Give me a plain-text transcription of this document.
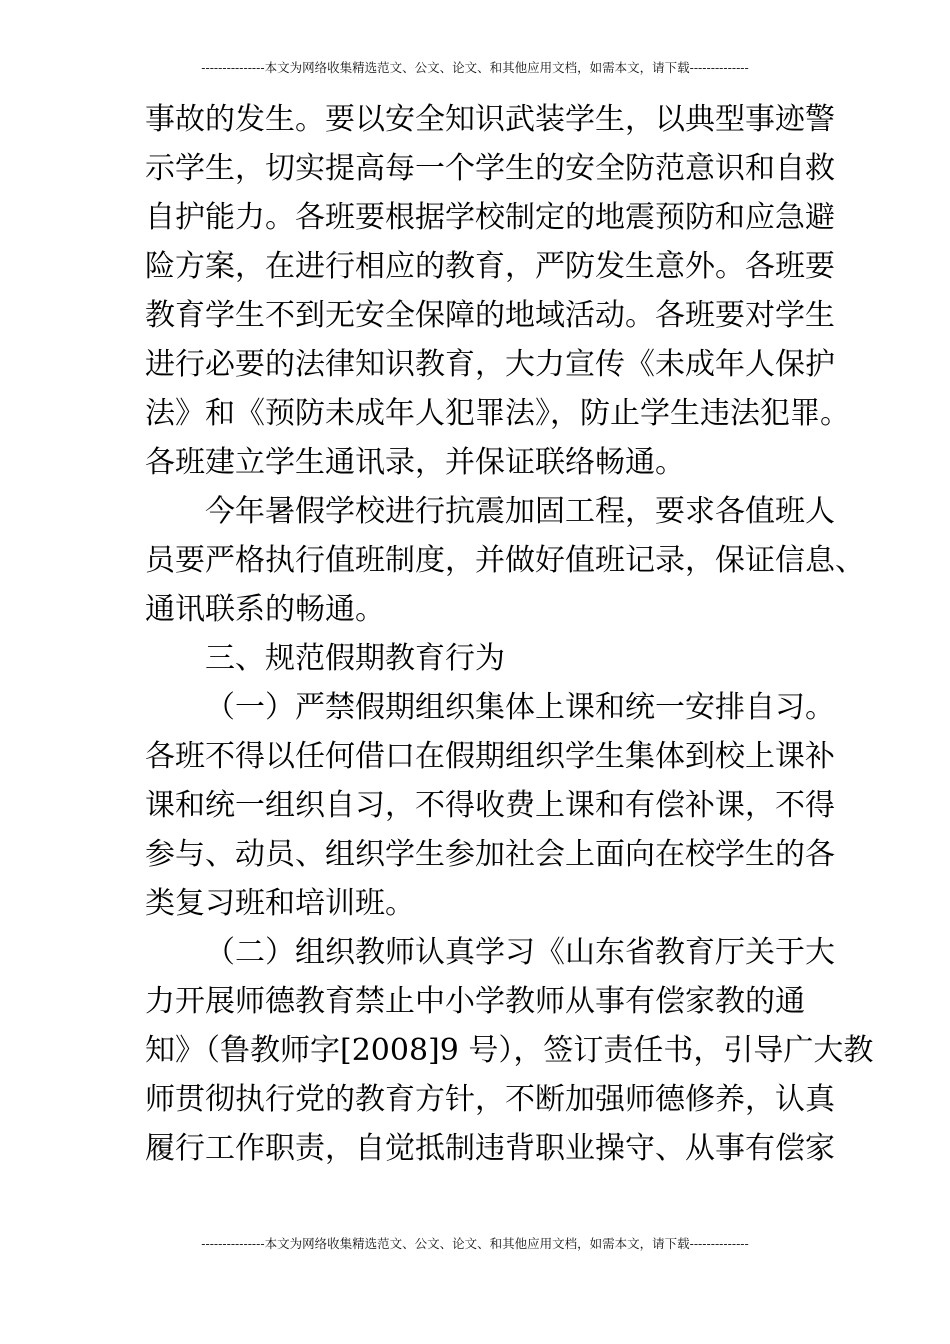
---------------本文为网络收集精选范文、公文、论文、和其他应用文档，如需本文，请下载--------------
事故的发生。要以安全知识武装学生，以典型事迹警
示学生，切实提高每一个学生的安全防范意识和自救
自护能力。各班要根据学校制定的地震预防和应急避
险方案，在进行相应的教育，严防发生意外。各班要
教育学生不到无安全保障的地域活动。各班要对学生
进行必要的法律知识教育，大力宣传《未成年人保护
法》和《预防未成年人犯罪法》，防止学生违法犯罪。
各班建立学生通讯录，并保证联络畅通。
今年暑假学校进行抗震加固工程，要求各值班人
员要严格执行值班制度，并做好值班记录，保证信息、
通讯联系的畅通。
三、规范假期教育行为
（一）严禁假期组织集体上课和统一安排自习。
各班不得以任何借口在假期组织学生集体到校上课补
课和统一组织自习，不得收费上课和有偿补课，不得
参与、动员、组织学生参加社会上面向在校学生的各
类复习班和培训班。
（二）组织教师认真学习《山东省教育厅关于大
力开展师德教育禁止中小学教师从事有偿家教的通
知》（鲁教师字[2008]9 号），签订责任书，引导广大教
师贯彻执行党的教育方针，不断加强师德修养，认真
履行工作职责，自觉抵制违背职业操守、从事有偿家
---------------本文为网络收集精选范文、公文、论文、和其他应用文档，如需本文，请下载--------------
